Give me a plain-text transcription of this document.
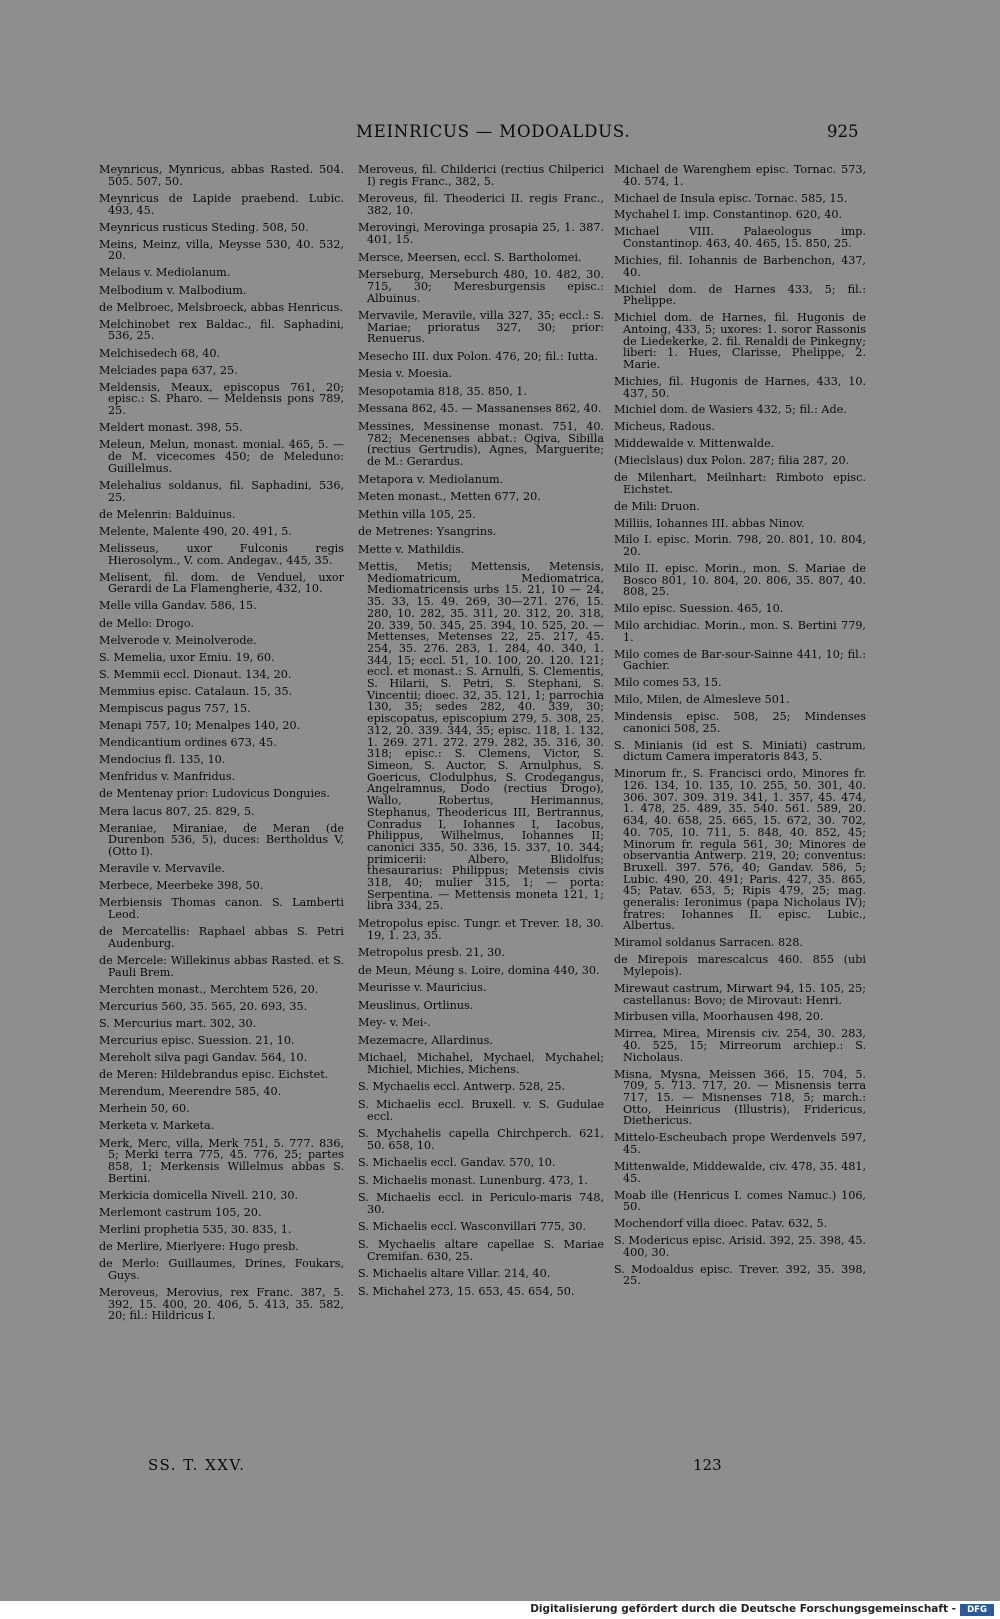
MEINRICUS — MODOALDUS.	925
Meynricus, Mynricus, abbas Rasted. 504. 505. 507, 50.
Meynricus de Lapide praebend. Lubic. 493, 45.
Meynricus rusticus Steding. 508, 50.
Meins, Meinz, villa, Meysse 530, 40. 532, 20.
Melaus v. Mediolanum.
Melbodium v. Malbodium.
de Melbroec, Melsbroeck, abbas Henricus.
Melchinobet rex Baldac., fil. Saphadini, 536, 25.
Melchisedech 68, 40.
Melciades papa 637, 25.
Meldensis, Meaux, episcopus 761, 20; episc.: S. Pharo. — Meldensis pons 789, 25.
Meldert monast. 398, 55.
Meleun, Melun, monast. monial. 465, 5. — de M. vicecomes 450; de Meleduno: Guillelmus.
Melehalius soldanus, fil. Saphadini, 536, 25.
de Melenrin: Balduinus.
Melente, Malente 490, 20. 491, 5.
Melisseus, uxor Fulconis regis Hierosolym., V. com. Andegav., 445, 35.
Melisent, fil. dom. de Venduel, uxor Gerardi de La Flamengherie, 432, 10.
Melle villa Gandav. 586, 15.
de Mello: Drogo.
Melverode v. Meinolverode.
S. Memelia, uxor Emiu. 19, 60.
S. Memmii eccl. Dionaut. 134, 20.
Memmius episc. Catalaun. 15, 35.
Mempiscus pagus 757, 15.
Menapi 757, 10; Menalpes 140, 20.
Mendicantium ordines 673, 45.
Mendocius fl. 135, 10.
Menfridus v. Manfridus.
de Mentenay prior: Ludovicus Donguies.
Mera lacus 807, 25. 829, 5.
Meraniae, Miraniae, de Meran (de Durenbon 536, 5), duces: Bertholdus V, (Otto I).
Meravile v. Mervavile.
Merbece, Meerbeke 398, 50.
Merbiensis Thomas canon. S. Lamberti Leod.
de Mercatellis: Raphael abbas S. Petri Audenburg.
de Mercele: Willekinus abbas Rasted. et S. Pauli Brem.
Merchten monast., Merchtem 526, 20.
Mercurius 560, 35. 565, 20. 693, 35.
S. Mercurius mart. 302, 30.
Mercurius episc. Suession. 21, 10.
Mereholt silva pagi Gandav. 564, 10.
de Meren: Hildebrandus episc. Eichstet.
Merendum, Meerendre 585, 40.
Merhein 50, 60.
Merketa v. Marketa.
Merk, Merc, villa, Merk 751, 5. 777. 836, 5; Merki terra 775, 45. 776, 25; partes 858, 1; Merkensis Willelmus abbas S. Bertini.
Merkicia domicella Nivell. 210, 30.
Merlemont castrum 105, 20.
Merlini prophetia 535, 30. 835, 1.
de Merlire, Mierlyere: Hugo presb.
de Merlo: Guillaumes, Drines, Foukars, Guys.
Meroveus, Merovius, rex Franc. 387, 5. 392, 15. 400, 20. 406, 5. 413, 35. 582, 20; fil.: Hildricus I.
Meroveus, fil. Childerici (rectius Chilperici I) regis Franc., 382, 5.
Meroveus, fil. Theoderici II. regis Franc., 382, 10.
Merovingi, Merovinga prosapia 25, 1. 387. 401, 15.
Mersce, Meersen, eccl. S. Bartholomei.
Merseburg, Merseburch 480, 10. 482, 30. 715, 30; Meresburgensis episc.: Albuinus.
Mervavile, Meravile, villa 327, 35; eccl.: S. Mariae; prioratus 327, 30; prior: Renuerus.
Mesecho III. dux Polon. 476, 20; fil.: Iutta.
Mesia v. Moesia.
Mesopotamia 818, 35. 850, 1.
Messana 862, 45. — Massanenses 862, 40.
Messines, Messinense monast. 751, 40. 782; Mecenenses abbat.: Ogiva, Sibilla (rectius Gertrudis), Agnes, Marguerite; de M.: Gerardus.
Metapora v. Mediolanum.
Meten monast., Metten 677, 20.
Methin villa 105, 25.
de Metrenes: Ysangrins.
Mette v. Mathildis.
Mettis, Metis; Mettensis, Metensis, Mediomatricum, Mediomatrica, Mediomatricensis urbs 15. 21, 10 — 24, 35. 33, 15. 49. 269, 30—271. 276, 15. 280, 10. 282, 35. 311, 20. 312, 20. 318, 20. 339, 50. 345, 25. 394, 10. 525, 20. — Mettenses, Metenses 22, 25. 217, 45. 254, 35. 276. 283, 1. 284, 40. 340, 1. 344, 15; eccl. 51, 10. 100, 20. 120. 121; eccl. et monast.: S. Arnulfi, S. Clementis, S. Hilarii, S. Petri, S. Stephani, S. Vincentii; dioec. 32, 35. 121, 1; parrochia 130, 35; sedes 282, 40. 339, 30; episcopatus, episcopium 279, 5. 308, 25. 312, 20. 339. 344, 35; episc. 118, 1. 132, 1. 269. 271. 272. 279. 282, 35. 316, 30. 318; episc.: S. Clemens, Victor, S. Simeon, S. Auctor, S. Arnulphus, S. Goericus, Clodulphus, S. Crodegangus, Angelramnus, Dodo (rectius Drogo), Wallo, Robertus, Herimannus, Stephanus, Theodericus III, Bertrannus, Conradus I, Iohannes I, Iacobus, Philippus, Wilhelmus, Iohannes II; canonici 335, 50. 336, 15. 337, 10. 344; primicerii: Albero, Blidolfus; thesaurarius: Philippus; Metensis civis 318, 40; mulier 315, 1; — porta: Serpentina. — Mettensis moneta 121, 1; libra 334, 25.
Metropolus episc. Tungr. et Trever. 18, 30. 19, 1. 23, 35.
Metropolus presb. 21, 30.
de Meun, Méung s. Loire, domina 440, 30.
Meurisse v. Mauricius.
Meuslinus, Ortlinus.
Mey- v. Mei-.
Mezemacre, Allardinus.
Michael, Michahel, Mychael, Mychahel; Michiel, Michies, Michens.
S. Mychaelis eccl. Antwerp. 528, 25.
S. Michaelis eccl. Bruxell. v. S. Gudulae eccl.
S. Mychahelis capella Chirchperch. 621, 50. 658, 10.
S. Michaelis eccl. Gandav. 570, 10.
S. Michaelis monast. Lunenburg. 473, 1.
S. Michaelis eccl. in Periculo-maris 748, 30.
S. Michaelis eccl. Wasconvillari 775, 30.
S. Mychaelis altare capellae S. Mariae Cremifan. 630, 25.
S. Michaelis altare Villar. 214, 40.
S. Michahel 273, 15. 653, 45. 654, 50.
Michael de Warenghem episc. Tornac. 573, 40. 574, 1.
Michael de Insula episc. Tornac. 585, 15.
Mychahel I. imp. Constantinop. 620, 40.
Michael VIII. Palaeologus imp. Constantinop. 463, 40. 465, 15. 850, 25.
Michies, fil. Iohannis de Barbenchon, 437, 40.
Michiel dom. de Harnes 433, 5; fil.: Phelippe.
Michiel dom. de Harnes, fil. Hugonis de Antoing, 433, 5; uxores: 1. soror Rassonis de Liedekerke, 2. fil. Renaldi de Pinkegny; liberi: 1. Hues, Clarisse, Phelippe, 2. Marie.
Michies, fil. Hugonis de Harnes, 433, 10. 437, 50.
Michiel dom. de Wasiers 432, 5; fil.: Ade.
Micheus, Radous.
Middewalde v. Mittenwalde.
(Mieclslaus) dux Polon. 287; filia 287, 20.
de Milenhart, Meilnhart: Rimboto episc. Eichstet.
de Mili: Druon.
Milliis, Iohannes III. abbas Ninov.
Milo I. episc. Morin. 798, 20. 801, 10. 804, 20.
Milo II. episc. Morin., mon. S. Mariae de Bosco 801, 10. 804, 20. 806, 35. 807, 40. 808, 25.
Milo episc. Suession. 465, 10.
Milo archidiac. Morin., mon. S. Bertini 779, 1.
Milo comes de Bar-sour-Sainne 441, 10; fil.: Gachier.
Milo comes 53, 15.
Milo, Milen, de Almesleve 501.
Mindensis episc. 508, 25; Mindenses canonici 508, 25.
S. Minianis (id est S. Miniati) castrum, dictum Camera imperatoris 843, 5.
Minorum fr., S. Francisci ordo, Minores fr. 126. 134, 10. 135, 10. 255, 50. 301, 40. 306. 307. 309. 319. 341, 1. 357, 45. 474, 1. 478, 25. 489, 35. 540. 561. 589, 20. 634, 40. 658, 25. 665, 15. 672, 30. 702, 40. 705, 10. 711, 5. 848, 40. 852, 45; Minorum fr. regula 561, 30; Minores de observantia Antwerp. 219, 20; conventus: Bruxell. 397. 576, 40; Gandav. 586, 5; Lubic. 490, 20. 491; Paris. 427, 35. 865, 45; Patav. 653, 5; Ripis 479, 25; mag. generalis: Ieronimus (papa Nicholaus IV); fratres: Iohannes II. episc. Lubic., Albertus.
Miramol soldanus Sarracen. 828.
de Mirepois marescalcus 460. 855 (ubi Mylepois).
Mirewaut castrum, Mirwart 94, 15. 105, 25; castellanus: Bovo; de Mirovaut: Henri.
Mirbusen villa, Moorhausen 498, 20.
Mirrea, Mirea, Mirensis civ. 254, 30. 283, 40. 525, 15; Mirreorum archiep.: S. Nicholaus.
Misna, Mysna, Meissen 366, 15. 704, 5. 709, 5. 713. 717, 20. — Misnensis terra 717, 15. — Misnenses 718, 5; march.: Otto, Heinricus (Illustris), Fridericus, Diethericus.
Mittelo-Escheubach prope Werdenvels 597, 45.
Mittenwalde, Middewalde, civ. 478, 35. 481, 45.
Moab ille (Henricus I. comes Namuc.) 106, 50.
Mochendorf villa dioec. Patav. 632, 5.
S. Modericus episc. Arisid. 392, 25. 398, 45. 400, 30.
S. Modoaldus episc. Trever. 392, 35. 398, 25.
SS. T. XXV.	123
Digitalisierung gefördert durch die Deutsche Forschungsgemeinschaft -	DFG
